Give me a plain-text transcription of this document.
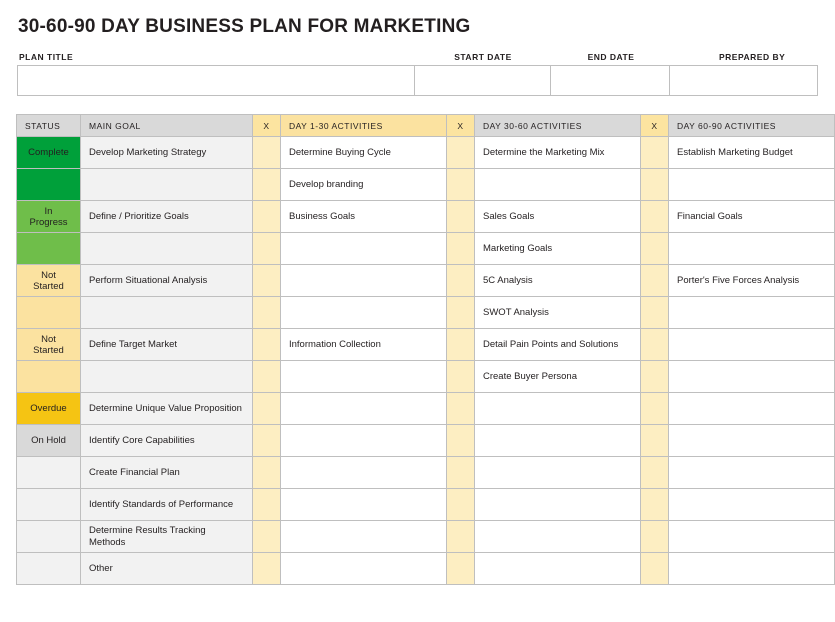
30-60-90 DAY BUSINESS PLAN FOR MARKETING
PLAN TITLE	START DATE	END DATE	PREPARED BY
STATUS	MAIN GOAL	X	DAY 1-30 ACTIVITIES	X	DAY 30-60 ACTIVITIES	X	DAY 60-90 ACTIVITIES
Complete	Develop Marketing Strategy		Determine Buying Cycle		Determine the Marketing Mix		Establish Marketing Budget
			Develop branding				
In Progress	Define / Prioritize Goals		Business Goals		Sales Goals		Financial Goals
					Marketing Goals		
Not Started	Perform Situational Analysis				5C Analysis		Porter's Five Forces Analysis
					SWOT Analysis		
Not Started	Define Target Market		Information Collection		Detail Pain Points and Solutions		
					Create Buyer Persona		
Overdue	Determine Unique Value Proposition						
On Hold	Identify Core Capabilities						
	Create Financial Plan						
	Identify Standards of Performance						
	Determine Results Tracking Methods						
	Other						
